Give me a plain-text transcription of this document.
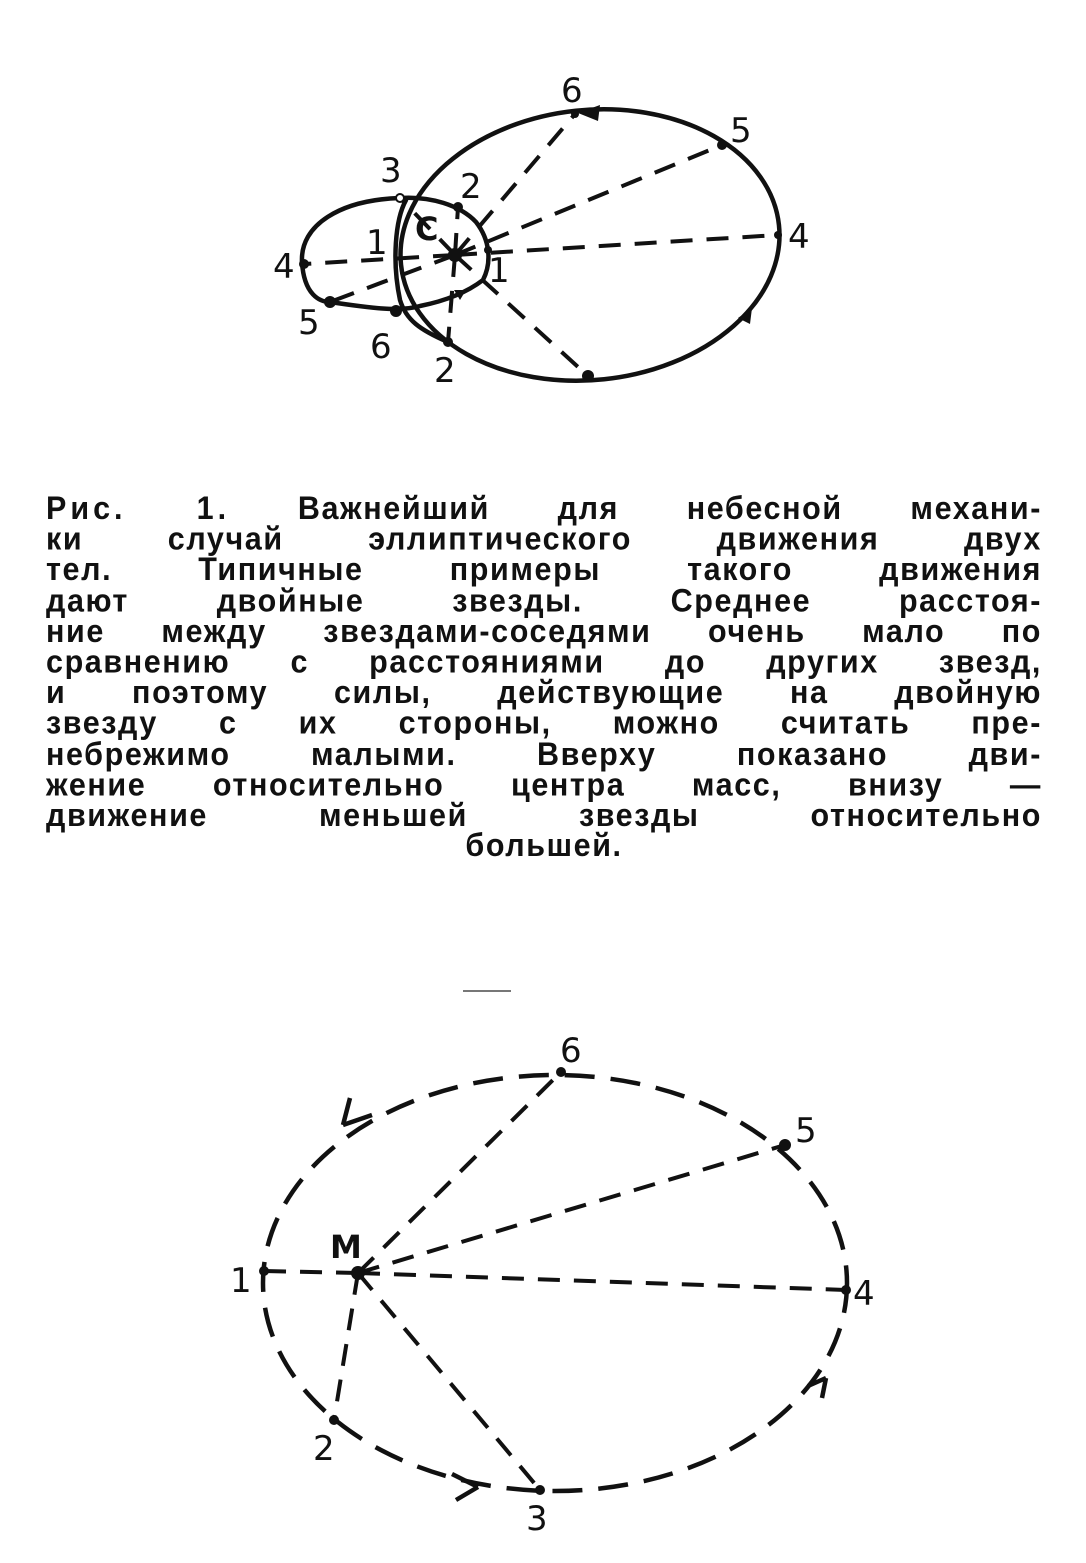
6
5
4
3 2
2
1
1
4
5
6
C
Рис. 1. Важнейший для небесной механи-
ки случай эллиптического движения двух
тел. Типичные примеры такого движения
дают двойные звезды. Среднее расстоя-
ние между звездами-соседями очень мало по
сравнению с расстояниями до других звезд,
и поэтому силы, действующие на двойную
звезду с их стороны, можно считать пре-
небрежимо малыми. Вверху показано дви-
жение относительно центра масс, внизу —
движение меньшей звезды относительно
большей.
6
5
4
3
2
1
M
